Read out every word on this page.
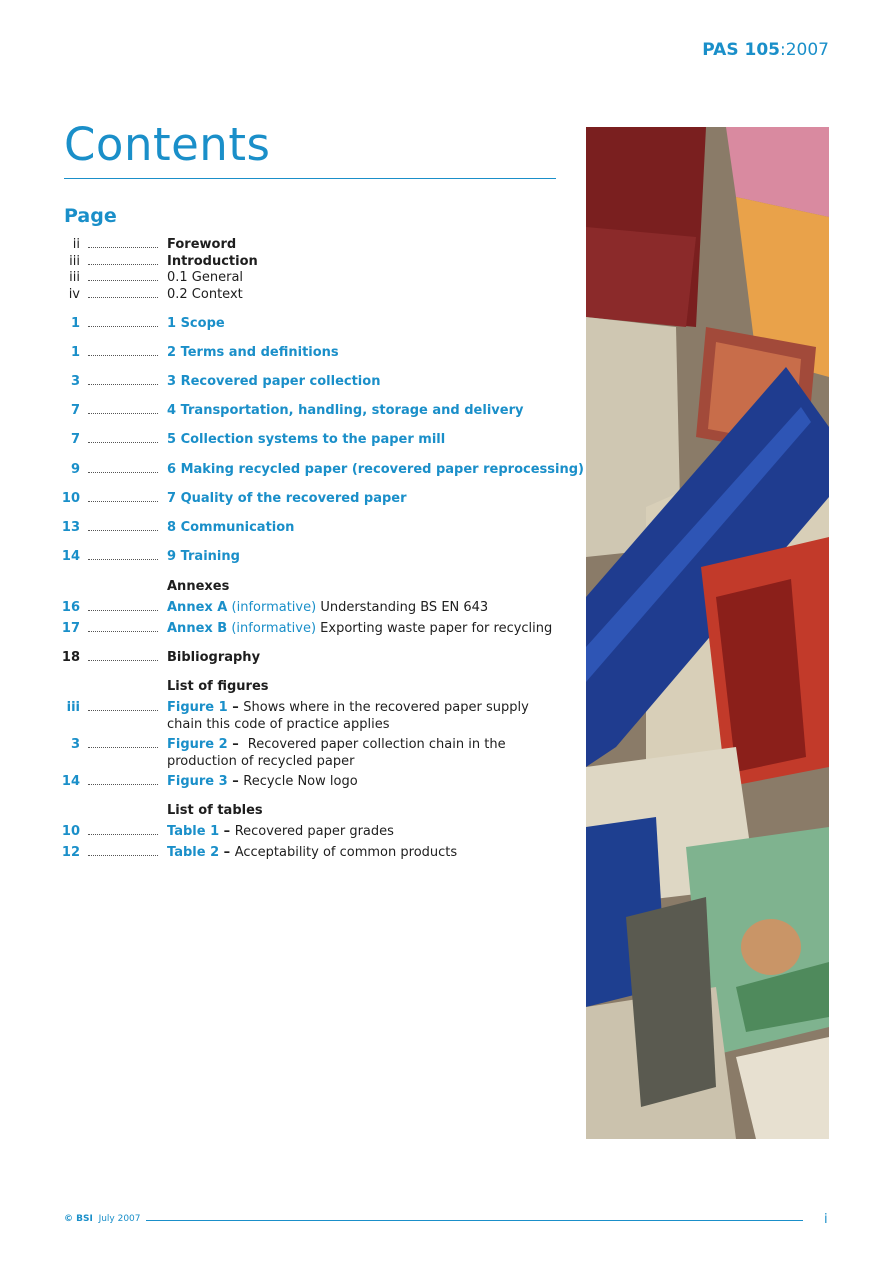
PAS 105:2007
Contents
Page
ii	Foreword
iii	Introduction
iii	0.1 General
iv	0.2 Context
1	1 Scope
1	2 Terms and definitions
3	3 Recovered paper collection
7	4 Transportation, handling, storage and delivery
7	5 Collection systems to the paper mill
9	6 Making recycled paper (recovered paper reprocessing)
10	7 Quality of the recovered paper
13	8 Communication
14	9 Training
Annexes
16	Annex A (informative) Understanding BS EN 643
17	Annex B (informative) Exporting waste paper for recycling
18	Bibliography
List of figures
iii	Figure 1 – Shows where in the recovered paper supply chain this code of practice applies
3	Figure 2 –  Recovered paper collection chain in the production of recycled paper
14	Figure 3 – Recycle Now logo
List of tables
10	Table 1 – Recovered paper grades
12	Table 2 – Acceptability of common products
© BSI July 2007	i
